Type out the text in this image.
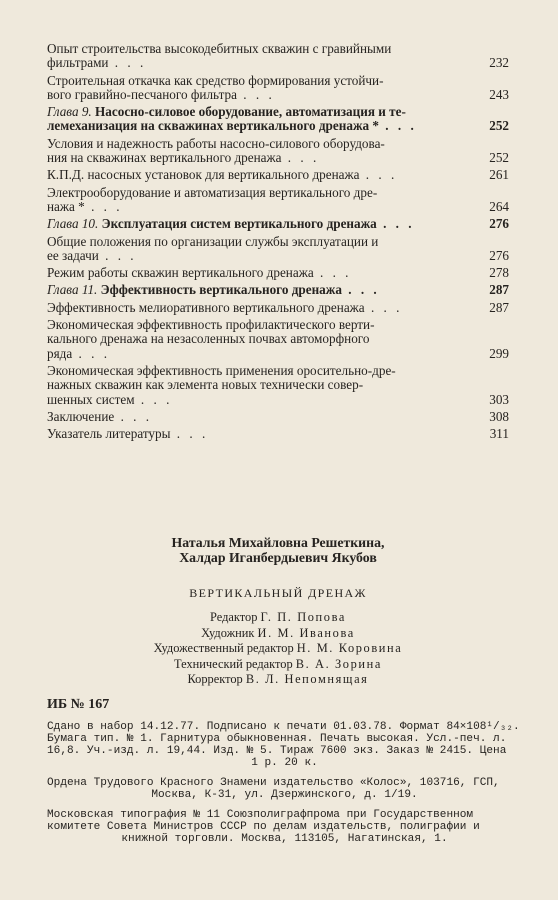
Опыт строительства высокодебитных скважин с гравийными
фильтрами . . .	232
Строительная откачка как средство формирования устойчи-
вого гравийно-песчаного фильтра . . .	243
Глава 9. Насосно-силовое оборудование, автоматизация и те-
лемеханизация на скважинах вертикального дренажа * . . .	252
Условия и надежность работы насосно-силового оборудова-
ния на скважинах вертикального дренажа . . .	252
К.П.Д. насосных установок для вертикального дренажа . . .	261
Электрооборудование и автоматизация вертикального дре-
нажа * . . .	264
Глава 10. Эксплуатация систем вертикального дренажа . . .	276
Общие положения по организации службы эксплуатации и
ее задачи . . .	276
Режим работы скважин вертикального дренажа . . .	278
Глава 11. Эффективность вертикального дренажа . . .	287
Эффективность мелиоративного вертикального дренажа . . .	287
Экономическая эффективность профилактического верти-
кального дренажа на незасоленных почвах автоморфного
ряда . . .	299
Экономическая эффективность применения оросительно-дре-
нажных скважин как элемента новых технически совер-
шенных систем . . .	303
Заключение . . .	308
Указатель литературы . . .	311
Наталья Михайловна Решеткина,
Халдар Иганбердыевич Якубов
ВЕРТИКАЛЬНЫЙ ДРЕНАЖ
Редактор Г. П. Попова
Художник И. М. Иванова
Художественный редактор Н. М. Коровина
Технический редактор В. А. Зорина
Корректор В. Л. Непомнящая
ИБ № 167
Сдано в набор 14.12.77. Подписано к печати 01.03.78. Формат 84×108¹/₃₂.
Бумага тип. № 1. Гарнитура обыкновенная. Печать высокая. Усл.-печ. л.
16,8. Уч.-изд. л. 19,44. Изд. № 5. Тираж 7600 экз. Заказ № 2415. Цена
1 р. 20 к.
Ордена Трудового Красного Знамени издательство «Колос», 103716, ГСП,
Москва, К-31, ул. Дзержинского, д. 1/19.
Московская типография № 11 Союзполиграфпрома при Государственном
комитете Совета Министров СССР по делам издательств, полиграфии и
книжной торговли. Москва, 113105, Нагатинская, 1.
